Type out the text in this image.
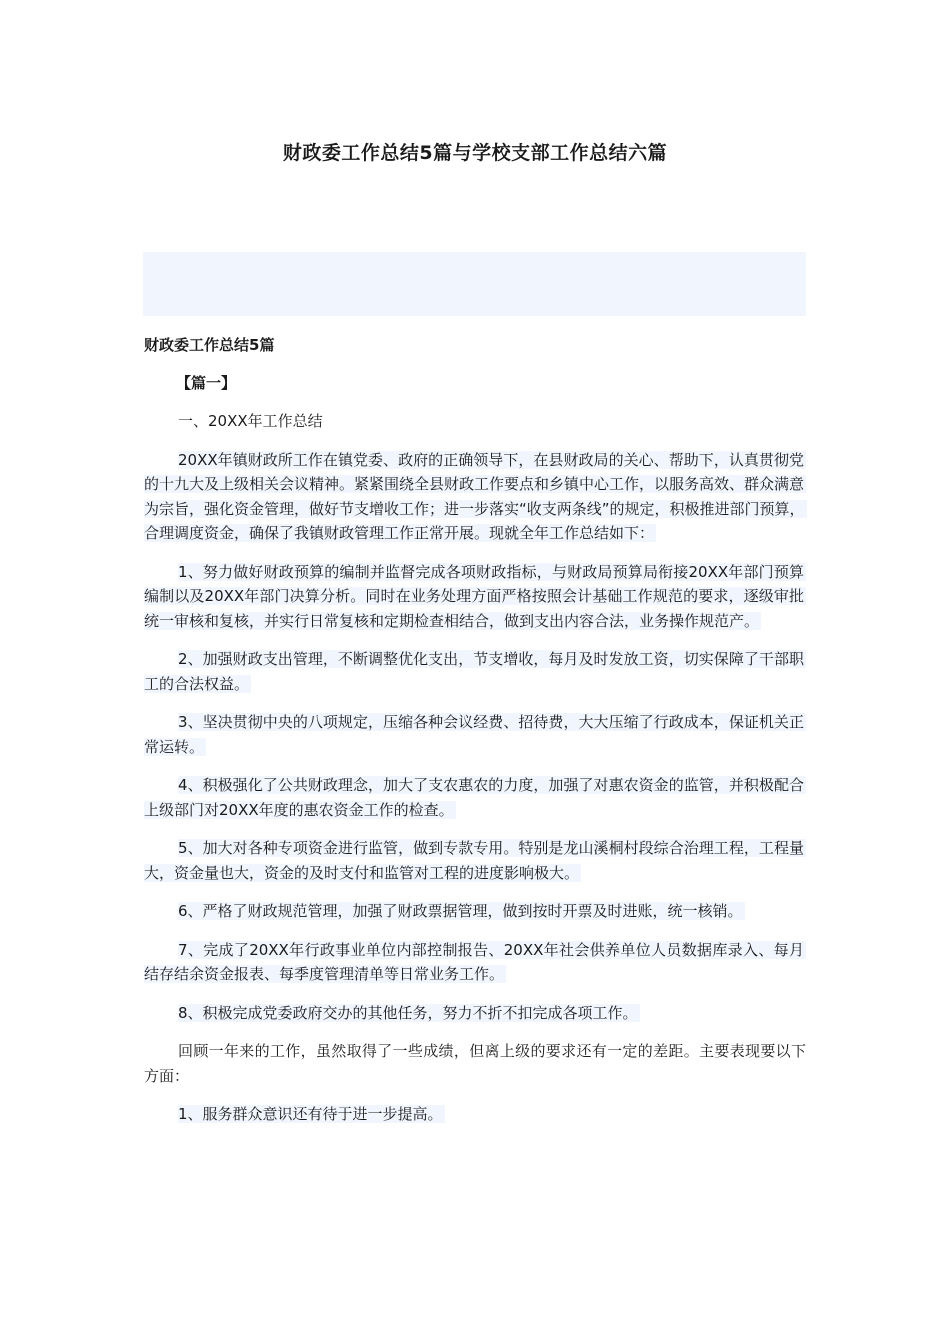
财政委工作总结5篇与学校支部工作总结六篇
财政委工作总结5篇
【篇一】
一、20XX年工作总结
20XX年镇财政所工作在镇党委、政府的正确领导下，在县财政局的关心、帮助下，认真贯彻党的十九大及上级相关会议精神。紧紧围绕全县财政工作要点和乡镇中心工作，以服务高效、群众满意为宗旨，强化资金管理，做好节支增收工作；进一步落实“收支两条线”的规定，积极推进部门预算，合理调度资金，确保了我镇财政管理工作正常开展。现就全年工作总结如下：
1、努力做好财政预算的编制并监督完成各项财政指标，与财政局预算局衔接20XX年部门预算编制以及20XX年部门决算分析。同时在业务处理方面严格按照会计基础工作规范的要求，逐级审批统一审核和复核，并实行日常复核和定期检查相结合，做到支出内容合法，业务操作规范产。
2、加强财政支出管理，不断调整优化支出，节支增收，每月及时发放工资，切实保障了干部职工的合法权益。
3、坚决贯彻中央的八项规定，压缩各种会议经费、招待费，大大压缩了行政成本，保证机关正常运转。
4、积极强化了公共财政理念，加大了支农惠农的力度，加强了对惠农资金的监管，并积极配合上级部门对20XX年度的惠农资金工作的检查。
5、加大对各种专项资金进行监管，做到专款专用。特别是龙山溪桐村段综合治理工程，工程量大，资金量也大，资金的及时支付和监管对工程的进度影响极大。
6、严格了财政规范管理，加强了财政票据管理，做到按时开票及时进账，统一核销。
7、完成了20XX年行政事业单位内部控制报告、20XX年社会供养单位人员数据库录入、每月结存结余资金报表、每季度管理清单等日常业务工作。
8、积极完成党委政府交办的其他任务，努力不折不扣完成各项工作。
回顾一年来的工作，虽然取得了一些成绩，但离上级的要求还有一定的差距。主要表现要以下方面：
1、服务群众意识还有待于进一步提高。
